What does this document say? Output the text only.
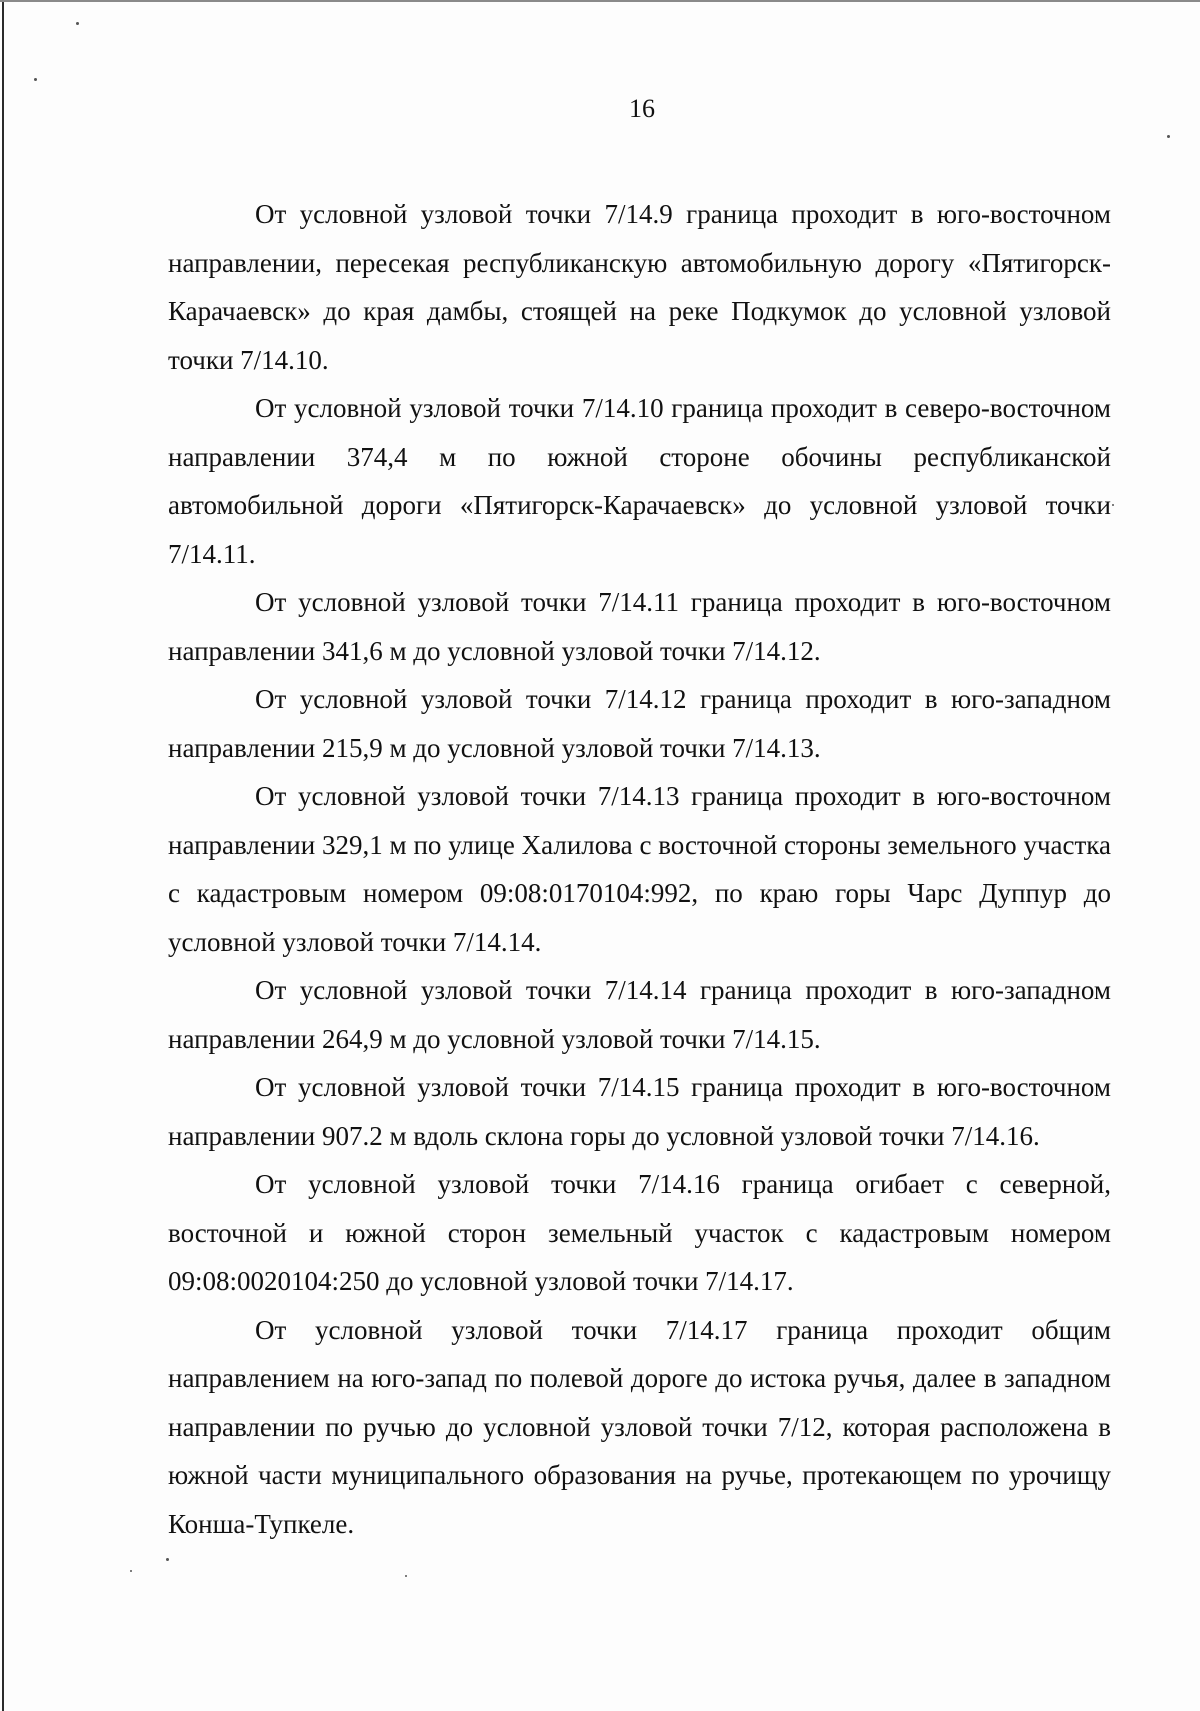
16

От условной узловой точки 7/14.9 граница проходит в юго-восточном направлении, пересекая республиканскую автомобильную дорогу «Пятигорск-Карачаевск» до края дамбы, стоящей на реке Подкумок до условной узловой точки 7/14.10.

От условной узловой точки 7/14.10 граница проходит в северо-восточном направлении 374,4 м по южной стороне обочины республиканской автомобильной дороги «Пятигорск-Карачаевск» до условной узловой точки 7/14.11.

От условной узловой точки 7/14.11 граница проходит в юго-восточном направлении 341,6 м до условной узловой точки 7/14.12.

От условной узловой точки 7/14.12 граница проходит в юго-западном направлении 215,9 м до условной узловой точки 7/14.13.

От условной узловой точки 7/14.13 граница проходит в юго-восточном направлении 329,1 м по улице Халилова с восточной стороны земельного участка с кадастровым номером 09:08:0170104:992, по краю горы Чарс Дуппур до условной узловой точки 7/14.14.

От условной узловой точки 7/14.14 граница проходит в юго-западном направлении 264,9 м до условной узловой точки 7/14.15.

От условной узловой точки 7/14.15 граница проходит в юго-восточном направлении 907.2 м вдоль склона горы до условной узловой точки 7/14.16.

От условной узловой точки 7/14.16 граница огибает с северной, восточной и южной сторон земельный участок с кадастровым номером 09:08:0020104:250 до условной узловой точки 7/14.17.

От условной узловой точки 7/14.17 граница проходит общим направлением на юго-запад по полевой дороге до истока ручья, далее в западном направлении по ручью до условной узловой точки 7/12, которая расположена в южной части муниципального образования на ручье, протекающем по урочищу Конша-Тупкеле.
